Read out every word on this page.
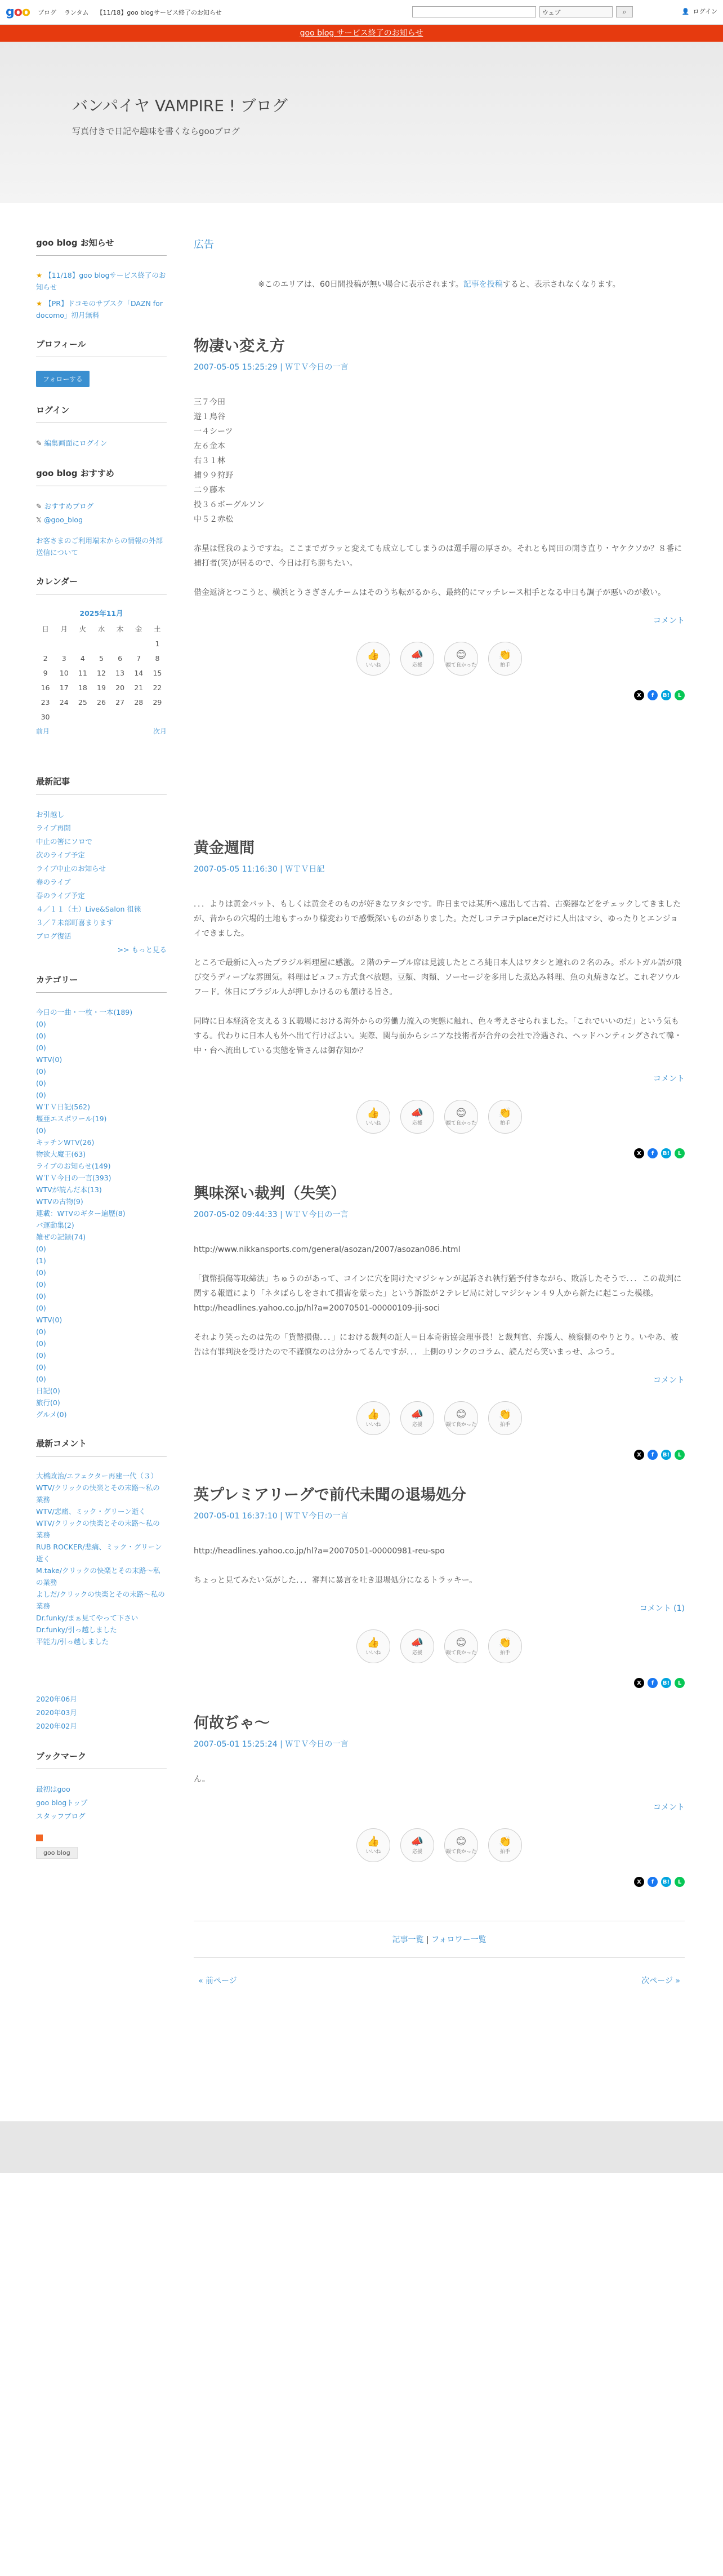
goo ブログ ランタム 【11/18】goo blogサービス終了のお知らせ	ウェブ	⌕	👤 ログイン
goo blog サービス終了のお知らせ
バンパイヤ VAMPIRE ! ブログ
写真付きで日記や趣味を書くならgooブログ
goo blog お知らせ
★ 【11/18】goo blogサービス終了のお知らせ
★ 【PR】ドコモのサブスク「DAZN for docomo」初月無料
プロフィール
フォローする
ログイン
✎ 編集画面にログイン
goo blog おすすめ
✎ おすすめブログ
𝕏 @goo_blog
お客さまのご利用端末からの情報の外部送信について
カレンダー
2025年11月
日	月	火	水	木	金	土
						1
2	3	4	5	6	7	8
9	10	11	12	13	14	15
16	17	18	19	20	21	22
23	24	25	26	27	28	29
30						
前月	次月
最新記事
お引越し
ライブ再開
中止の筈にソロで
次のライブ予定
ライブ中止のお知らせ
春のライブ
春のライブ予定
４／１１（土）Live&Salon 徂徠
３／７未部町喜まります
ブログ復活
>> もっと見る
カテゴリー
今日の一曲・一枚・一本(189)
(0)
(0)
(0)
WTV(0)
(0)
(0)
(0)
WＴＶ日記(562)
堰亜エスポワール(19)
(0)
キッチンWTV(26)
物欲大魔王(63)
ライブのお知らせ(149)
WＴＶ今日の一言(393)
WTVが読んだ本(13)
WTVの古物(9)
連載：WTVのギター遍歴(8)
バ運動集(2)
雑ぜの記録(74)
(0)
(1)
(0)
(0)
(0)
(0)
WTV(0)
(0)
(0)
(0)
(0)
(0)
日記(0)
旅行(0)
グルメ(0)
最新コメント
大橋政治/エフェクター再建一代（３）
WTV/クリックの快楽とその末路〜私の業務
WTV/悲痛、ミック・グリーン逝く
WTV/クリックの快楽とその末路〜私の業務
RUB ROCKER/悲痛、ミック・グリーン逝く
M.take/クリックの快楽とその末路〜私の業務
よしだ/クリックの快楽とその末路〜私の業務
Dr.funky/まぁ見てやって下さい
Dr.funky/引っ越しました
平能力/引っ越しました
2020年06月
2020年03月
2020年02月
ブックマーク
最初はgoo
goo blogトップ
スタッフブログ
goo blog
広告
※このエリアは、60日間投稿が無い場合に表示されます。記事を投稿すると、表示されなくなります。
物凄い変え方
2007-05-05 15:25:29 | ＷＴＶ今日の一言

三７今田
遊１鳥谷
一４シーツ
左６金本
右３１林
捕９９狩野
二９藤本
投３６ボーグルソン
中５２赤松

赤星は怪我のようですね。ここまでガラッと変えても成立してしまうのは選手層の厚さか。それとも岡田の開き直り・ヤケクソか？８番に捕打者(笑)が居るので、今日は打ち勝ちたい。

借金返済とつこうと、横浜とうさぎさんチームはそのうち転がるから、最終的にマッチレース相手となる中日も調子が悪いのが救い。

コメント
👍
いいね
📣
応援
😊
観て良かった
👏
拍手
X	f	B!	L
黄金週間
2007-05-05 11:16:30 | ＷＴＶ日記

．．．よりは黄金バット、もしくは黄金そのものが好きなワタシです。昨日までは某所へ遠出して古着、古楽器などをチェックしてきましたが、昔からの穴場的土地もすっかり様変わりで感慨深いものがありました。ただしコテコテplaceだけに人出はマシ、ゆったりとエンジョイできました。

ところで最新に入ったブラジル料理屋に感激。２階のテーブル席は見渡したところ純日本人はワタシと連れの２名のみ。ポルトガル語が飛び交うディープな雰囲気。料理はビュフェ方式食べ放題。豆類、肉類、ソーセージを多用した煮込み料理、魚の丸焼きなど。これぞソウルフード。休日にブラジル人が押しかけるのも頷ける旨さ。

同時に日本経済を支える３Ｋ職場における海外からの労働力流入の実態に触れ、色々考えさせられました。「これでいいのだ」という気もする。代わりに日本人も外へ出て行けばよい。実際、関与前からシニアな技術者が合弁の会社で冷遇され、ヘッドハンティングされて韓・中・台へ流出している実態を皆さんは御存知か？

コメント
👍
いいね
📣
応援
😊
観て良かった
👏
拍手
X	f	B!	L
興味深い裁判（失笑）
2007-05-02 09:44:33 | ＷＴＶ今日の一言

http://www.nikkansports.com/general/asozan/2007/asozan086.html

「貨幣損傷等取締法」ちゅうのがあって、コインに穴を開けたマジシャンが起訴され執行猶予付きながら、敗訴したそうで．．．この裁判に関する報道により「ネタばらしをされて損害を蒙った」という訴訟が２テレビ局に対しマジシャン４９人から新たに起こった模様。
http://headlines.yahoo.co.jp/hl?a=20070501-00000109-jij-soci

それより笑ったのは先の「貨幣損傷．．．」における裁判の証人＝日本奇術協会理事長！と裁判官、弁護人、検察側のやりとり。いやあ、被告は有罪判決を受けたので不謹慎なのは分かってるんですが．．．上側のリンクのコラム、読んだら笑いまっせ、ふつう。

コメント
👍
いいね
📣
応援
😊
観て良かった
👏
拍手
X	f	B!	L
英プレミアリーグで前代未聞の退場処分
2007-05-01 16:37:10 | ＷＴＶ今日の一言

http://headlines.yahoo.co.jp/hl?a=20070501-00000981-reu-spo

ちょっと見てみたい気がした．．．審判に暴言を吐き退場処分になるトラッキー。

コメント (1)
👍
いいね
📣
応援
😊
観て良かった
👏
拍手
X	f	B!	L
何故ぢゃ〜
2007-05-01 15:25:24 | ＷＴＶ今日の一言

ん。

コメント
👍
いいね
📣
応援
😊
観て良かった
👏
拍手
X	f	B!	L
記事一覧 | フォロワー一覧
« 前ページ	次ページ »
